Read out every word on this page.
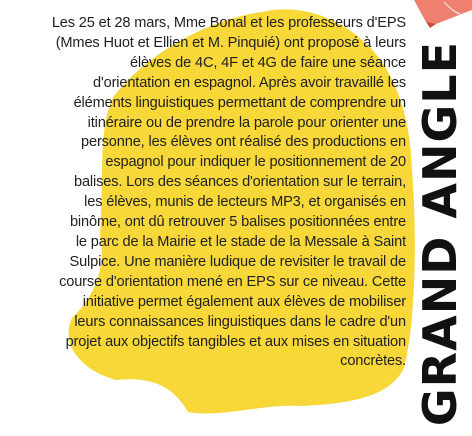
Les 25 et 28 mars, Mme Bonal et les professeurs d'EPS
(Mmes Huot et Ellien et M. Pinquié) ont proposé à leurs
élèves de 4C, 4F et 4G de faire une séance
d'orientation en espagnol. Après avoir travaillé les
éléments linguistiques permettant de comprendre un
itinéraire ou de prendre la parole pour orienter une
personne, les élèves ont réalisé des productions en
espagnol pour indiquer le positionnement de 20
balises. Lors des séances d'orientation sur le terrain,
les élèves, munis de lecteurs MP3, et organisés en
binôme, ont dû retrouver 5 balises positionnées entre
le parc de la Mairie et le stade de la Messale à Saint
Sulpice. Une manière ludique de revisiter le travail de
course d'orientation mené en EPS sur ce niveau. Cette
initiative permet également aux élèves de mobiliser
leurs connaissances linguistiques dans le cadre d'un
projet aux objectifs tangibles et aux mises en situation
concrètes. GRAND ANGLE
